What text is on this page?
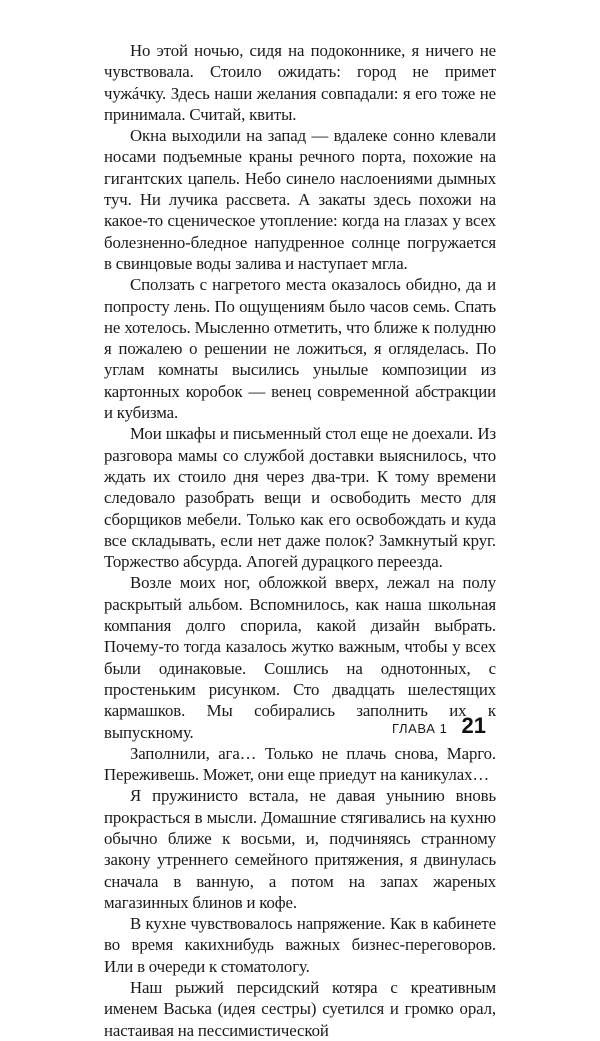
Но этой ночью, сидя на подоконнике, я ничего не чувствовала. Стоило ожидать: город не примет чужáчку. Здесь наши желания совпадали: я его тоже не принимала. Считай, квиты.

Окна выходили на запад — вдалеке сонно клевали носами подъемные краны речного порта, похожие на гигантских цапель. Небо синело наслоениями дымных туч. Ни лучика рассвета. А закаты здесь похожи на какое-то сценическое утопление: когда на глазах у всех болезненно-бледное напудренное солнце погружается в свинцовые воды залива и наступает мгла.

Сползать с нагретого места оказалось обидно, да и попросту лень. По ощущениям было часов семь. Спать не хотелось. Мысленно отметить, что ближе к полудню я пожалею о решении не ложиться, я огляделась. По углам комнаты высились унылые композиции из картонных коробок — венец современной абстракции и кубизма.

Мои шкафы и письменный стол еще не доехали. Из разговора мамы со службой доставки выяснилось, что ждать их стоило дня через два-три. К тому времени следовало разобрать вещи и освободить место для сборщиков мебели. Только как его освобождать и куда все складывать, если нет даже полок? Замкнутый круг. Торжество абсурда. Апогей дурацкого переезда.

Возле моих ног, обложкой вверх, лежал на полу раскрытый альбом. Вспомнилось, как наша школьная компания долго спорила, какой дизайн выбрать. Почему-то тогда казалось жутко важным, чтобы у всех были одинаковые. Сошлись на однотонных, с простеньким рисунком. Сто двадцать шелестящих кармашков. Мы собирались заполнить их к выпускному.

Заполнили, ага… Только не плачь снова, Марго. Переживешь. Может, они еще приедут на каникулах…

Я пружинисто встала, не давая унынию вновь прокрасться в мысли. Домашние стягивались на кухню обычно ближе к восьми, и, подчиняясь странному закону утреннего семейного притяжения, я двинулась сначала в ванную, а потом на запах жареных магазинных блинов и кофе.

В кухне чувствовалось напряжение. Как в кабинете во время какихнибудь важных бизнес-переговоров. Или в очереди к стоматологу.

Наш рыжий персидский котяра с креативным именем Васька (идея сестры) суетился и громко орал, настаивая на пессимистической

ГЛАВА 1 21
